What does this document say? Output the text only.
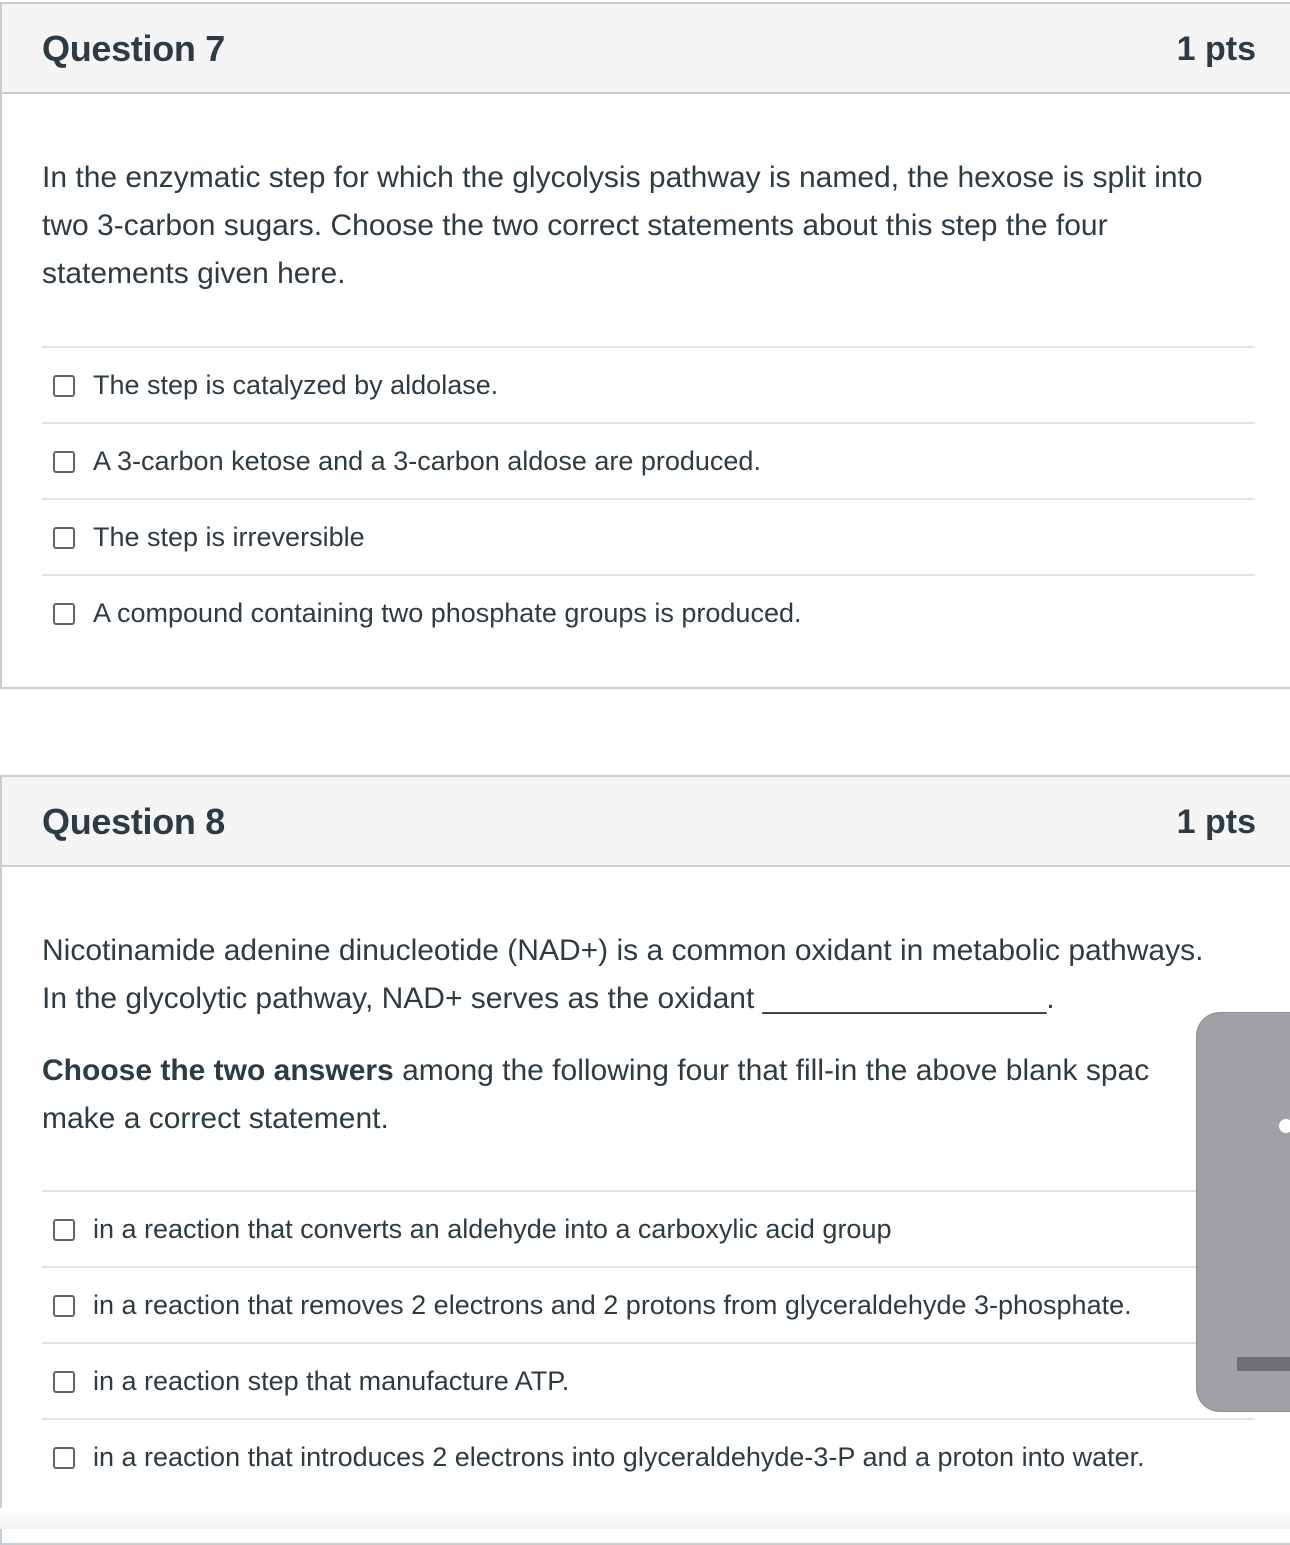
Question 7	1 pts

In the enzymatic step for which the glycolysis pathway is named, the hexose is split into two 3-carbon sugars. Choose the two correct statements about this step the four statements given here.

The step is catalyzed by aldolase.
A 3-carbon ketose and a 3-carbon aldose are produced.
The step is irreversible
A compound containing two phosphate groups is produced.
Question 8	1 pts

Nicotinamide adenine dinucleotide (NAD+) is a common oxidant in metabolic pathways. In the glycolytic pathway, NAD+ serves as the oxidant _________________.

Choose the two answers among the following four that fill-in the above blank spac

make a correct statement.

in a reaction that converts an aldehyde into a carboxylic acid group
in a reaction that removes 2 electrons and 2 protons from glyceraldehyde 3-phosphate.
in a reaction step that manufacture ATP.
in a reaction that introduces 2 electrons into glyceraldehyde-3-P and a proton into water.
